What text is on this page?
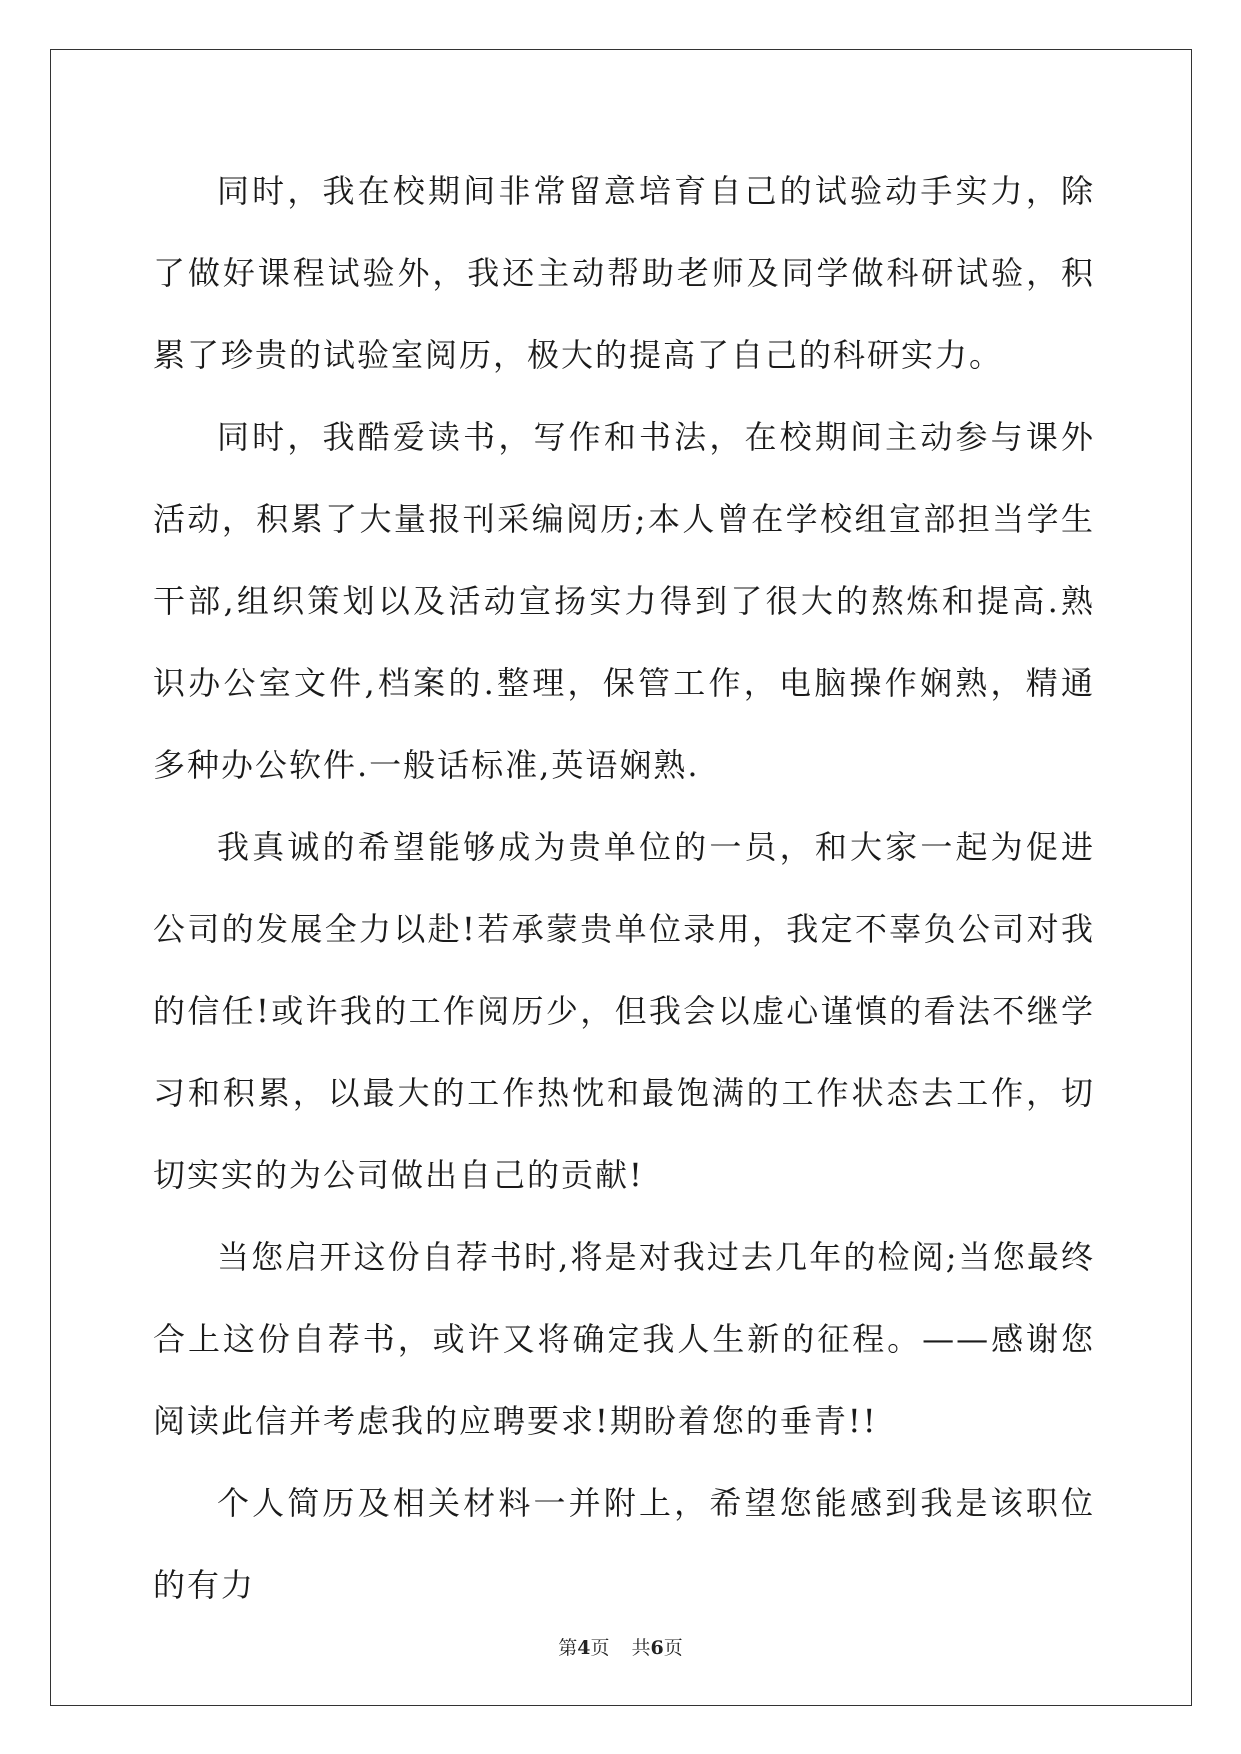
同时，我在校期间非常留意培育自己的试验动手实力，除了做好课程试验外，我还主动帮助老师及同学做科研试验，积累了珍贵的试验室阅历，极大的提高了自己的科研实力。

同时，我酷爱读书，写作和书法，在校期间主动参与课外活动，积累了大量报刊采编阅历;本人曾在学校组宣部担当学生干部,组织策划以及活动宣扬实力得到了很大的熬炼和提高.熟识办公室文件,档案的.整理，保管工作，电脑操作娴熟，精通多种办公软件.一般话标准,英语娴熟.

我真诚的希望能够成为贵单位的一员，和大家一起为促进公司的发展全力以赴!若承蒙贵单位录用，我定不辜负公司对我的信任!或许我的工作阅历少，但我会以虚心谨慎的看法不继学习和积累，以最大的工作热忱和最饱满的工作状态去工作，切切实实的为公司做出自己的贡献!

当您启开这份自荐书时,将是对我过去几年的检阅;当您最终合上这份自荐书，或许又将确定我人生新的征程。——感谢您阅读此信并考虑我的应聘要求!期盼着您的垂青!!

个人简历及相关材料一并附上，希望您能感到我是该职位的有力

第4页 共6页
